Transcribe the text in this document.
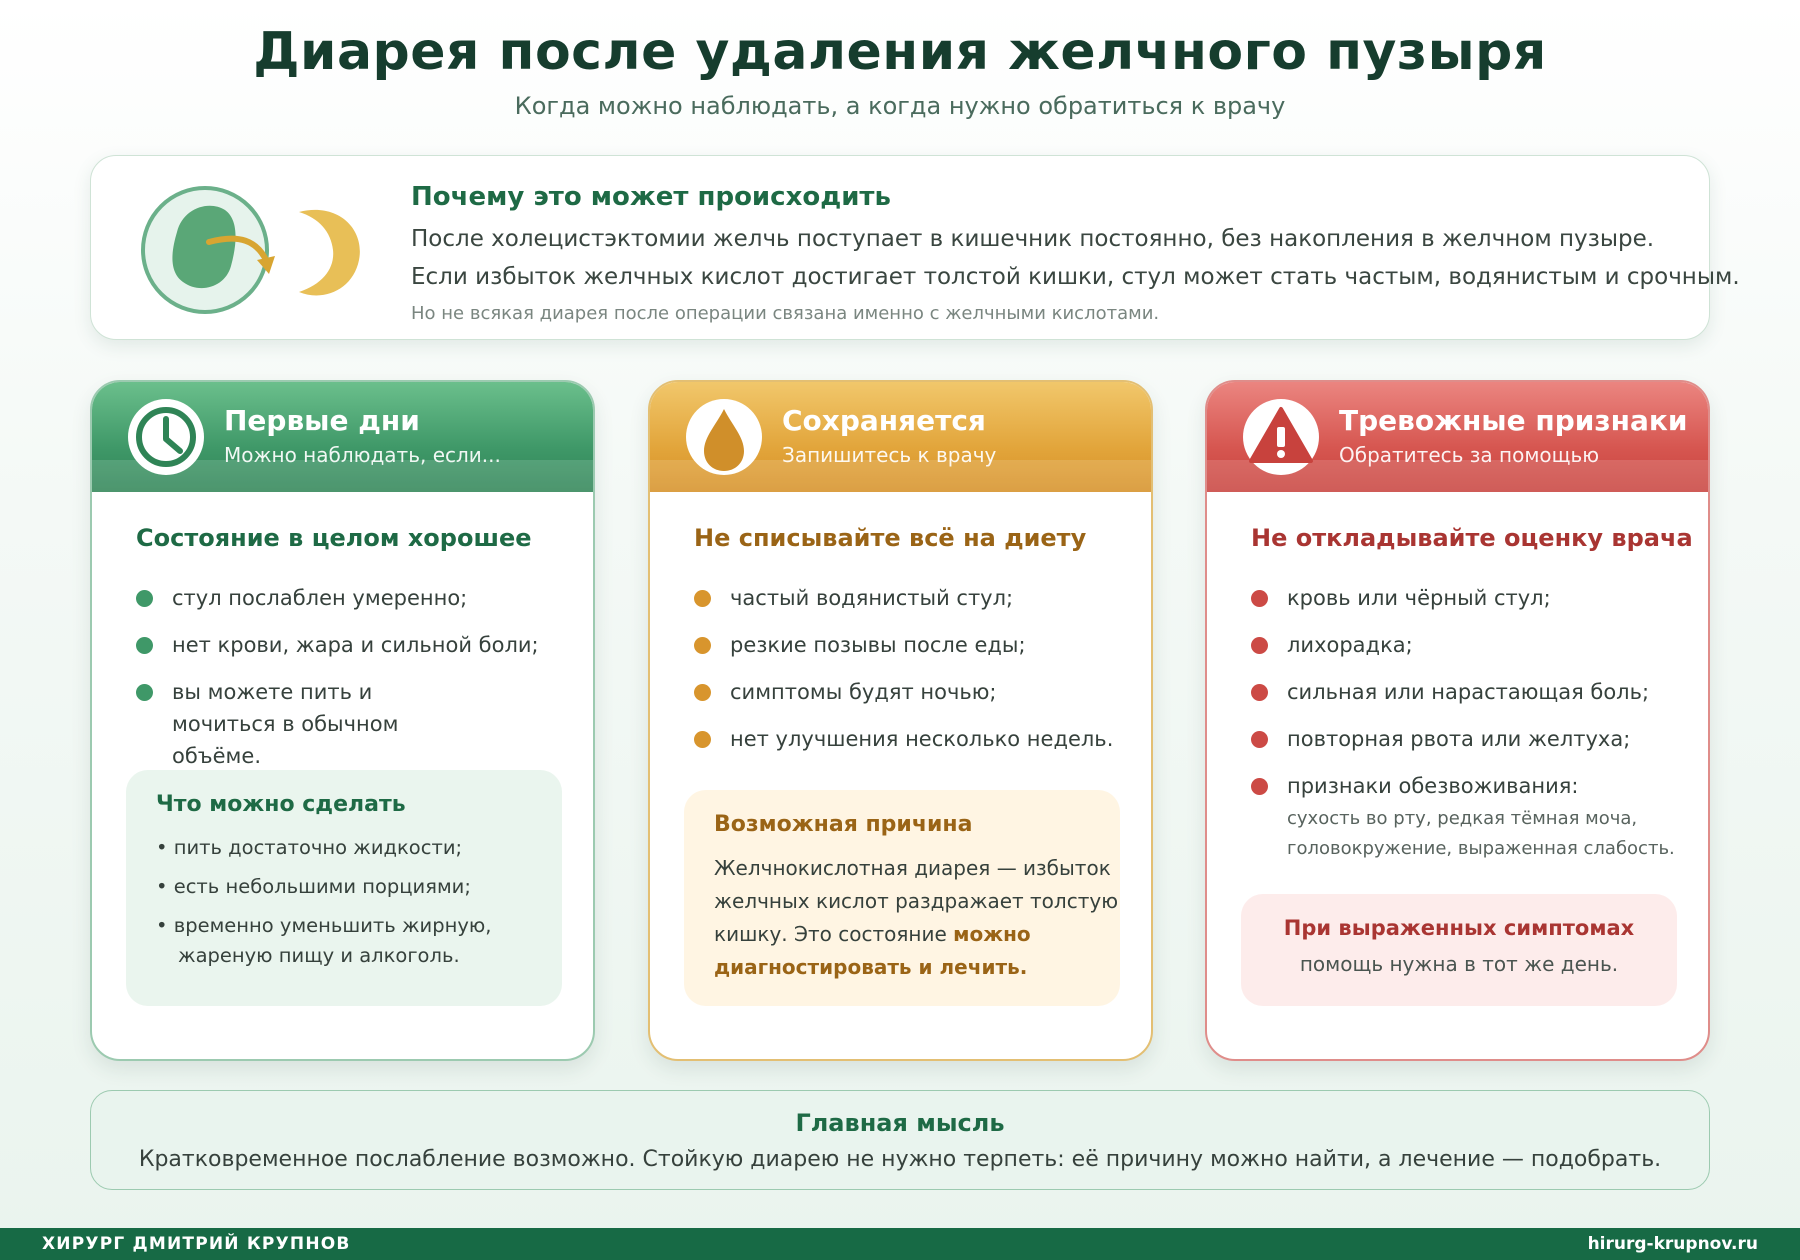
Диарея после удаления желчного пузыря
Когда можно наблюдать, а когда нужно обратиться к врачу
Почему это может происходить
После холецистэктомии желчь поступает в кишечник постоянно, без накопления в желчном пузыре.
Если избыток желчных кислот достигает толстой кишки, стул может стать частым, водянистым и срочным.
Но не всякая диарея после операции связана именно с желчными кислотами.
Первые дни
Можно наблюдать, если...
Состояние в целом хорошее
стул послаблен умеренно;
нет крови, жара и сильной боли;
вы можете пить и мочиться в обычном объёме.
Что можно сделать
• пить достаточно жидкости;
• есть небольшими порциями;
• временно уменьшить жирную,
жареную пищу и алкоголь.
Сохраняется
Запишитесь к врачу
Не списывайте всё на диету
частый водянистый стул;
резкие позывы после еды;
симптомы будят ночью;
нет улучшения несколько недель.
Возможная причина
Желчнокислотная диарея — избыток желчных кислот раздражает толстую кишку. Это состояние можно диагностировать и лечить.
Тревожные признаки
Обратитесь за помощью
Не откладывайте оценку врача
кровь или чёрный стул;
лихорадка;
сильная или нарастающая боль;
повторная рвота или желтуха;
признаки обезвоживания:
сухость во рту, редкая тёмная моча, головокружение, выраженная слабость.
При выраженных симптомах
помощь нужна в тот же день.
Главная мысль
Кратковременное послабление возможно. Стойкую диарею не нужно терпеть: её причину можно найти, а лечение — подобрать.
ХИРУРГ ДМИТРИЙ КРУПНОВ	hirurg-krupnov.ru
